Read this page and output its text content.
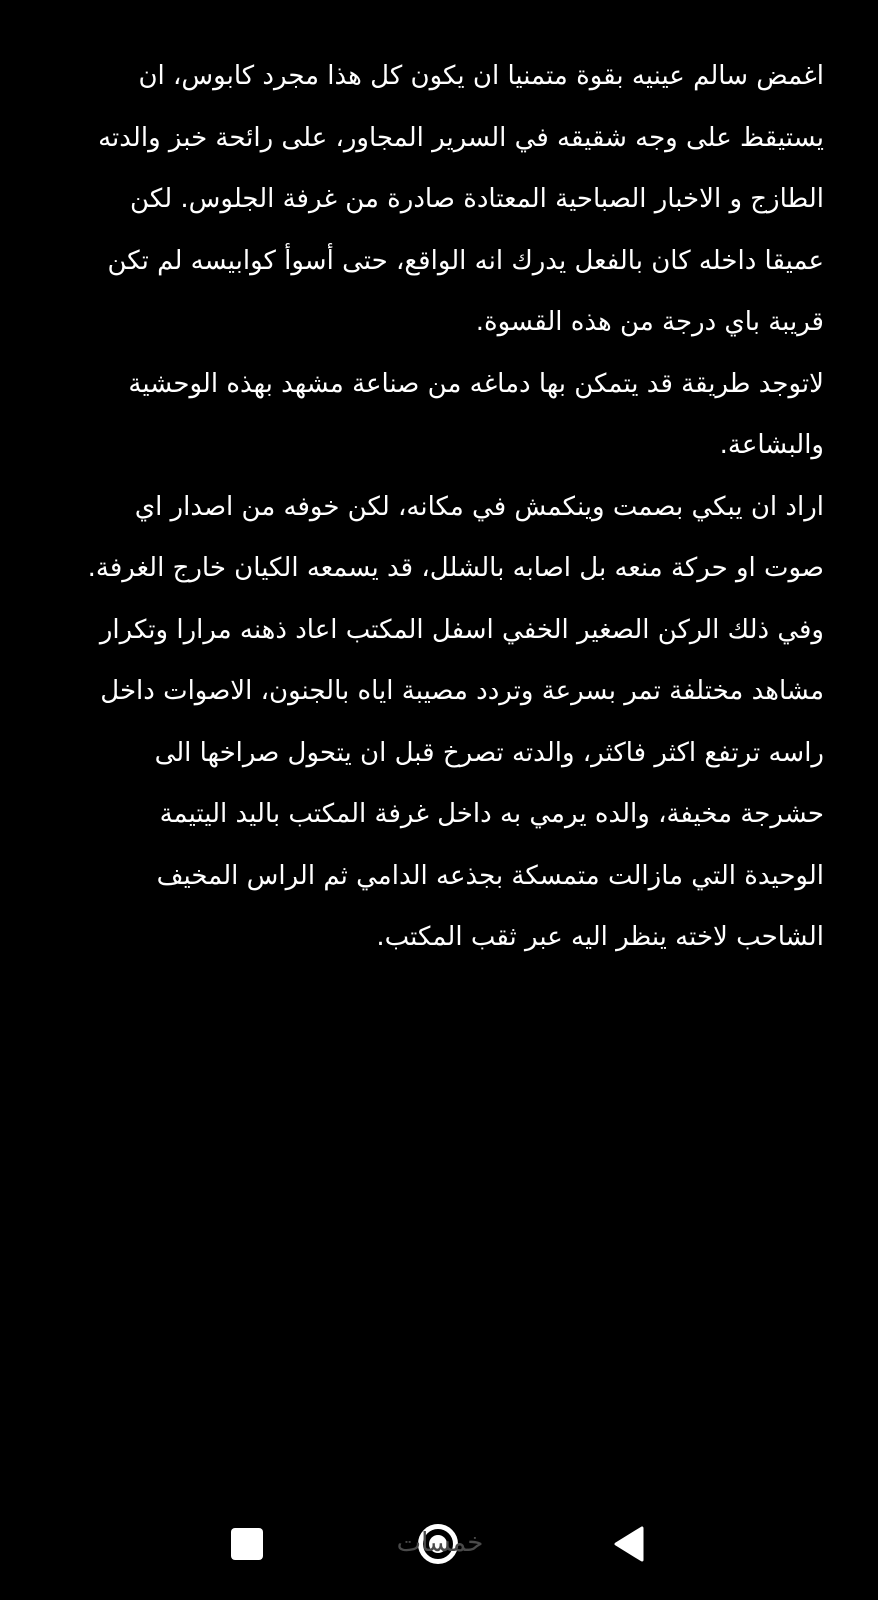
اغمض سالم عينيه بقوة متمنيا ان يكون كل هذا مجرد كابوس، ان يستيقظ على وجه شقيقه في السرير المجاور، على رائحة خبز والدته الطازج و الاخبار الصباحية المعتادة صادرة من غرفة الجلوس. لكن عميقا داخله كان بالفعل يدرك انه الواقع، حتى أسوأ كوابيسه لم تكن قريبة باي درجة من هذه القسوة.

لاتوجد طريقة قد يتمكن بها دماغه من صناعة مشهد بهذه الوحشية والبشاعة.

اراد ان يبكي بصمت وينكمش في مكانه، لكن خوفه من اصدار اي صوت او حركة منعه بل اصابه بالشلل، قد يسمعه الكيان خارج الغرفة.

وفي ذلك الركن الصغير الخفي اسفل المكتب اعاد ذهنه مرارا وتكرار مشاهد مختلفة تمر بسرعة وتردد مصيبة اياه بالجنون، الاصوات داخل راسه ترتفع اكثر فاكثر، والدته تصرخ قبل ان يتحول صراخها الى حشرجة مخيفة، والده يرمي به داخل غرفة المكتب باليد اليتيمة الوحيدة التي مازالت متمسكة بجذعه الدامي ثم الراس المخيف الشاحب لاخته ينظر اليه عبر ثقب المكتب.

خمسات
